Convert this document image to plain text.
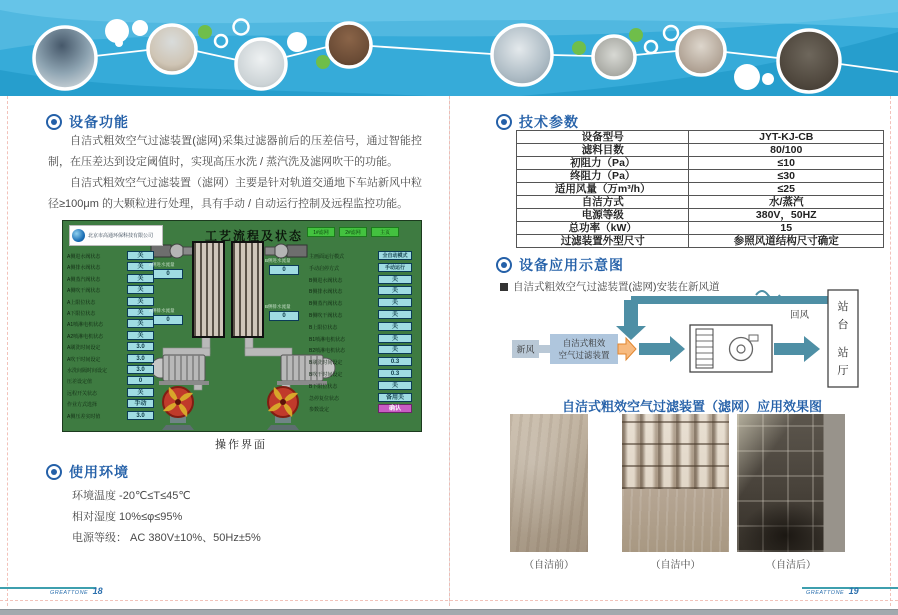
设备功能

自洁式粗效空气过滤装置(滤网)采集过滤器前后的压差信号，通过智能控制，在压差达到设定阈值时，实现高压水洗 / 蒸汽洗及滤网吹干的功能。

自洁式粗效空气过滤装置（滤网）主要是针对轨道交通地下车站新风中粒径≥100μm 的大颗粒进行处理，具有手动 / 自动运行控制及远程监控功能。

北京市高通环保科技有限公司	工艺流程及状态	1#滤网	2#滤网	主页
A侧进水阀状态	关
A侧排水阀状态	关
A侧蒸汽阀状态	关
A侧吹干阀状态	关
A上限位状态	关
A下限位状态	关
A1喷淋电机状态	关
A2喷淋电机状态	关
A刷洗时间设定	3.0
A吹干时间设定	3.0
水洗间隔时间设定	3.0
压差设定值	0
远程开关状态	关
作业方式选择	手动
A侧压差实时值	3.0
主画面运行模式	全自动模式
手动启停方式	手动运行
B侧进水阀状态	关
B侧排水阀状态	关
B侧蒸汽阀状态	关
B侧吹干阀状态	关
B上限位状态	关
B1喷淋电机状态	关
B2喷淋电机状态	关
B刷洗时间设定	0.3
B吹干时间设定	0.3
B下限位状态	关
急停复位状态	备用关
参数设定	确认
A侧进水流量
0
A侧排水流量
0
B侧进水流量
0
B侧排水流量
0
操作界面
使用环境
环境温度 -20℃≤T≤45℃
相对湿度 10%≤φ≤95%
电源等级： AC 380V±10%、50Hz±5%
GREATTONE 18
技术参数
设备型号	JYT-KJ-CB
滤料目数	80/100
初阻力（Pa）	≤10
终阻力（Pa）	≤30
适用风量（万m³/h）	≤25
自洁方式	水/蒸汽
电源等级	380V，50HZ
总功率（kW）	15
过滤装置外型尺寸	参照风道结构尺寸确定
设备应用示意图
自洁式粗效空气过滤装置(滤网)安装在新风道
回风
新风
自洁式粗效
空气过滤装置
站
台
站
厅
自洁式粗效空气过滤装置（滤网）应用效果图
（自洁前）	（自洁中）	（自洁后）
GREATTONE 19
